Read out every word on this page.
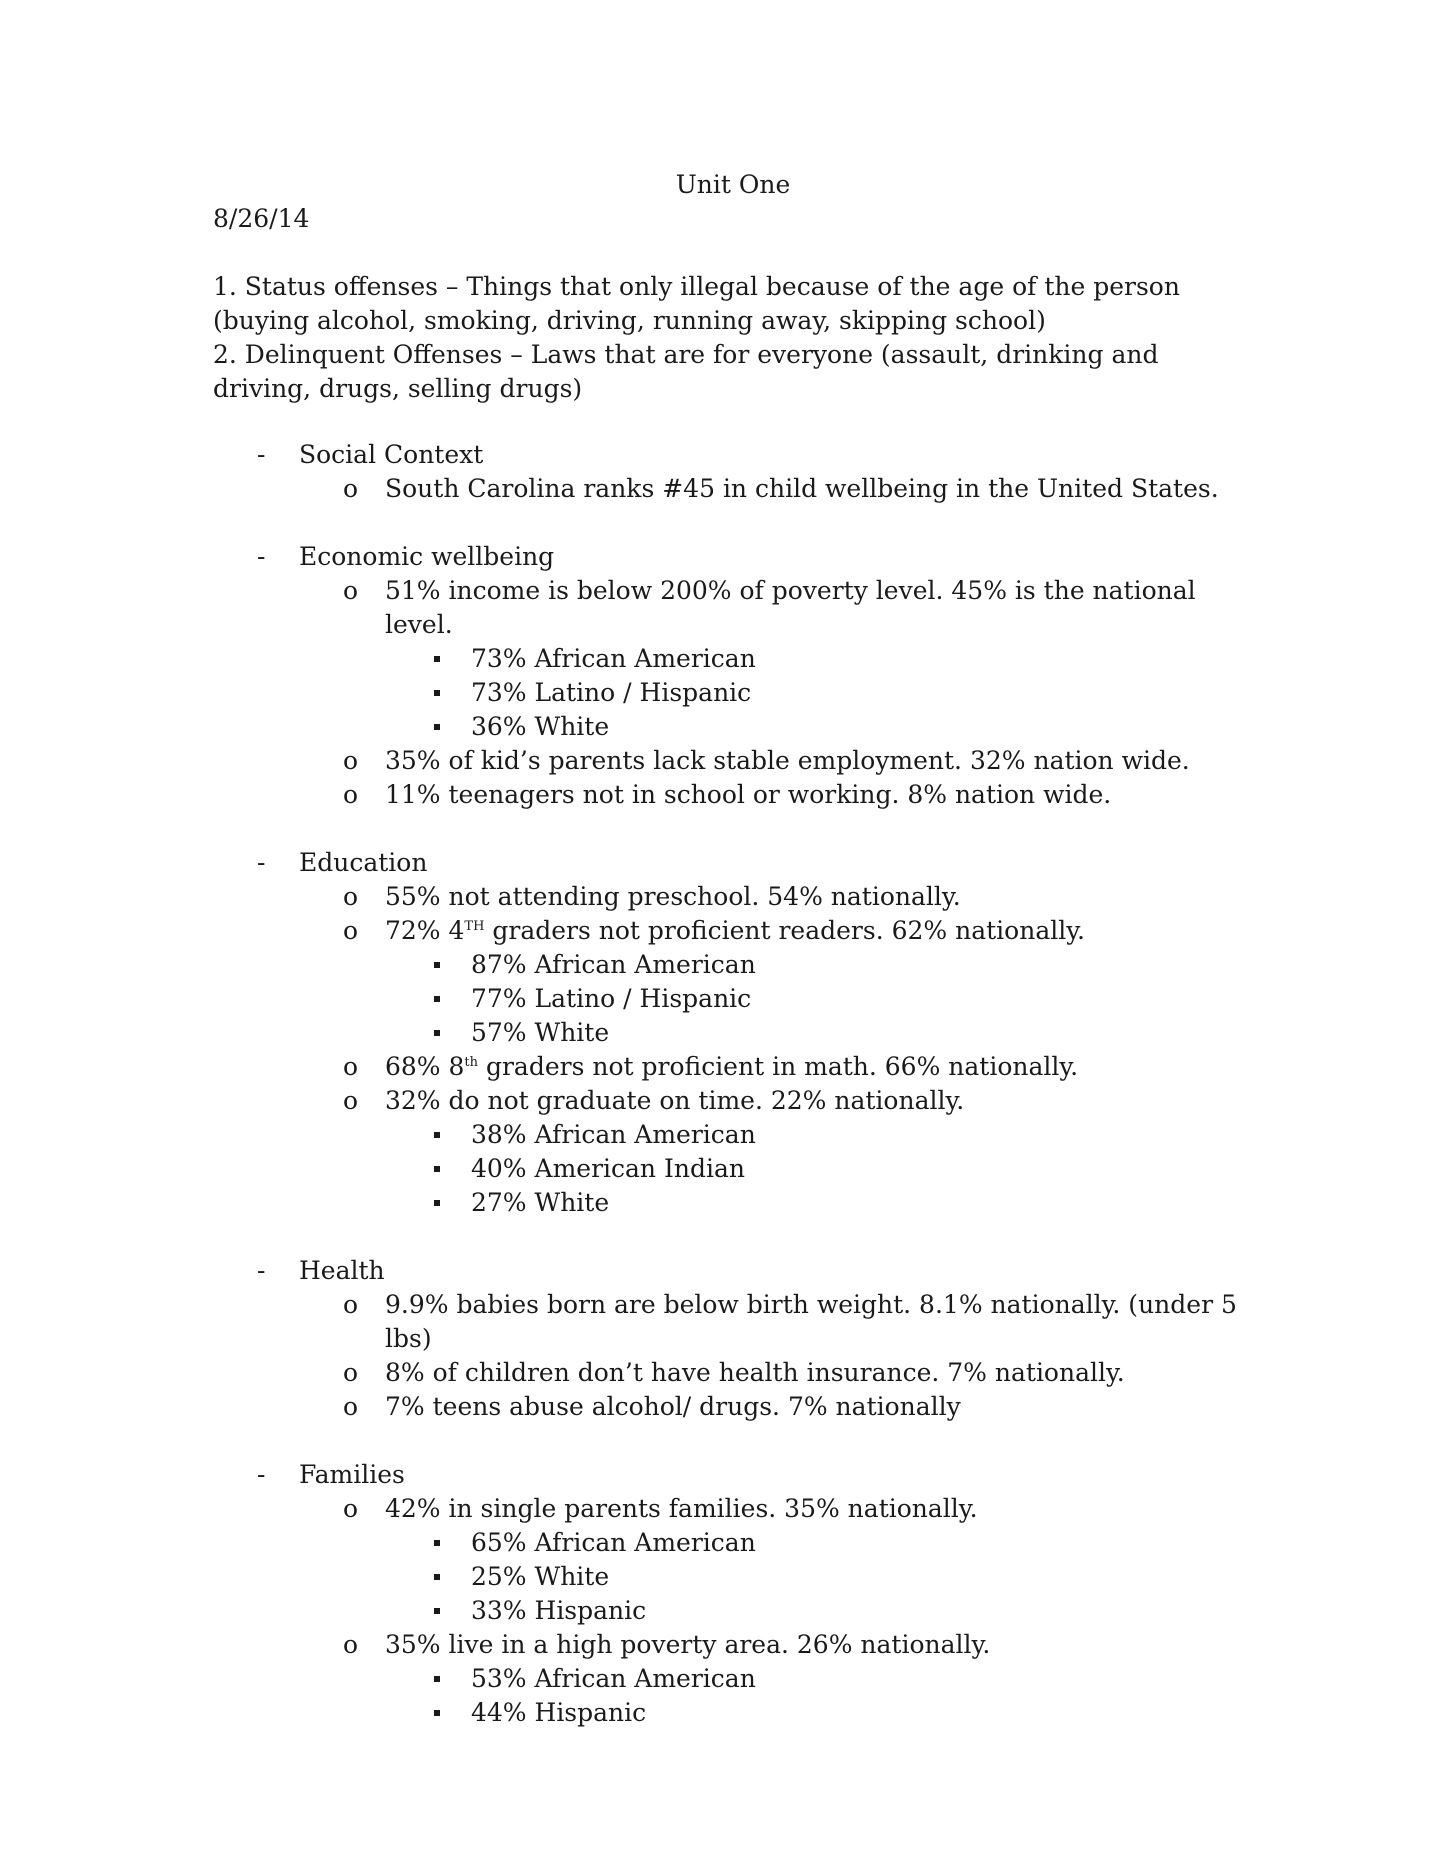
Unit One
8/26/14

1. Status offenses – Things that only illegal because of the age of the person (buying alcohol, smoking, driving, running away, skipping school)

2. Delinquent Offenses – Laws that are for everyone (assault, drinking and driving, drugs, selling drugs)

- Social Context
o South Carolina ranks #45 in child wellbeing in the United States.
- Economic wellbeing
o 51% income is below 200% of poverty level. 45% is the national level.
73% African American
73% Latino / Hispanic
36% White
o 35% of kid’s parents lack stable employment. 32% nation wide.
o 11% teenagers not in school or working. 8% nation wide.
- Education
o 55% not attending preschool. 54% nationally.
o 72% 4TH graders not proficient readers. 62% nationally.
87% African American
77% Latino / Hispanic
57% White
o 68% 8th graders not proficient in math. 66% nationally.
o 32% do not graduate on time. 22% nationally.
38% African American
40% American Indian
27% White
- Health
o 9.9% babies born are below birth weight. 8.1% nationally. (under 5 lbs)
o 8% of children don’t have health insurance. 7% nationally.
o 7% teens abuse alcohol/ drugs. 7% nationally
- Families
o 42% in single parents families. 35% nationally.
65% African American
25% White
33% Hispanic
o 35% live in a high poverty area. 26% nationally.
53% African American
44% Hispanic
